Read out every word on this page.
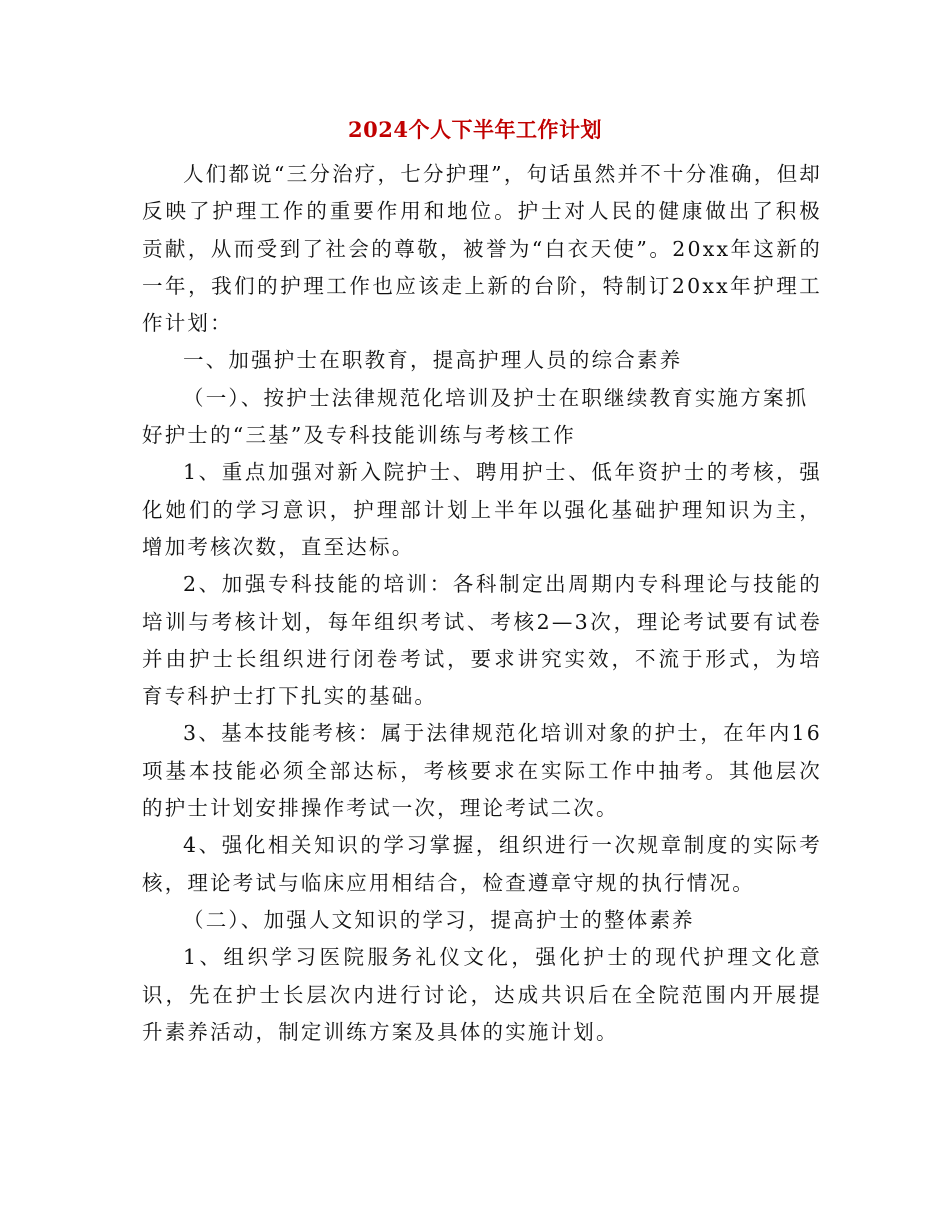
2024个人下半年工作计划

人们都说“三分治疗，七分护理”，句话虽然并不十分准确，但却反映了护理工作的重要作用和地位。护士对人民的健康做出了积极贡献，从而受到了社会的尊敬，被誉为“白衣天使”。20xx年这新的一年，我们的护理工作也应该走上新的台阶，特制订20xx年护理工作计划：

一、加强护士在职教育，提高护理人员的综合素养

（一）、按护士法律规范化培训及护士在职继续教育实施方案抓好护士的“三基”及专科技能训练与考核工作

1、重点加强对新入院护士、聘用护士、低年资护士的考核，强化她们的学习意识，护理部计划上半年以强化基础护理知识为主，增加考核次数，直至达标。

2、加强专科技能的培训：各科制定出周期内专科理论与技能的培训与考核计划，每年组织考试、考核2—3次，理论考试要有试卷并由护士长组织进行闭卷考试，要求讲究实效，不流于形式，为培育专科护士打下扎实的基础。

3、基本技能考核：属于法律规范化培训对象的护士，在年内16项基本技能必须全部达标，考核要求在实际工作中抽考。其他层次的护士计划安排操作考试一次，理论考试二次。

4、强化相关知识的学习掌握，组织进行一次规章制度的实际考核，理论考试与临床应用相结合，检查遵章守规的执行情况。

（二）、加强人文知识的学习，提高护士的整体素养

1、组织学习医院服务礼仪文化，强化护士的现代护理文化意识，先在护士长层次内进行讨论，达成共识后在全院范围内开展提升素养活动，制定训练方案及具体的实施计划。
